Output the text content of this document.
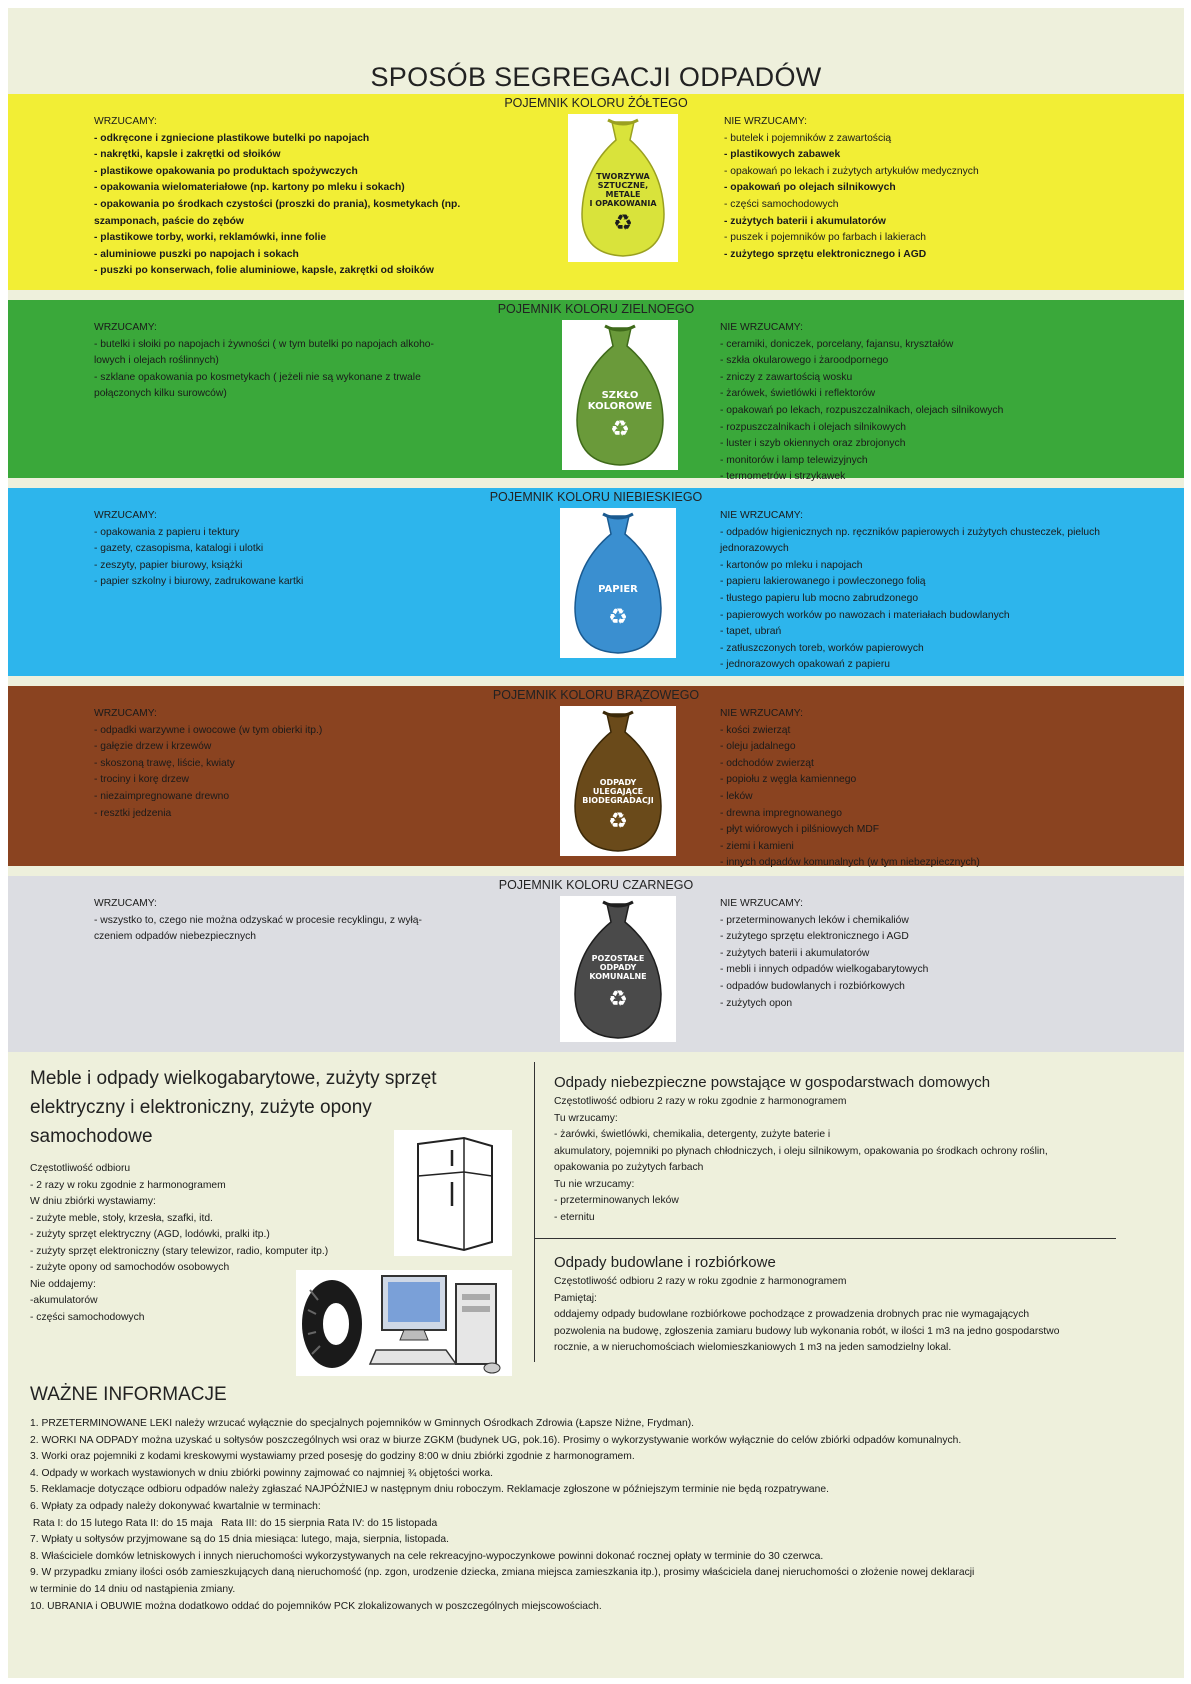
SPOSÓB SEGREGACJI ODPADÓW
POJEMNIK KOLORU ŻÓŁTEGO
WRZUCAMY:
- odkręcone i zgniecione plastikowe butelki po napojach
- nakrętki, kapsle i zakrętki od słoików
- plastikowe opakowania po produktach spożywczych
- opakowania wielomateriałowe (np. kartony po mleku i sokach)
- opakowania po środkach czystości (proszki do prania), kosmetykach (np.
szamponach, paście do zębów
- plastikowe torby, worki, reklamówki, inne folie
- aluminiowe puszki po napojach i sokach
- puszki po konserwach, folie aluminiowe, kapsle, zakrętki od słoików
TWORZYWA
SZTUCZNE,
METALE
I OPAKOWANIA
♻
NIE WRZUCAMY:
- butelek i pojemników z zawartością
- plastikowych zabawek
- opakowań po lekach i zużytych artykułów medycznych
- opakowań po olejach silnikowych
- części samochodowych
- zużytych baterii i akumulatorów
- puszek i pojemników po farbach i lakierach
- zużytego sprzętu elektronicznego i AGD
POJEMNIK KOLORU ZIELNOEGO
WRZUCAMY:
- butelki i słoiki po napojach i żywności ( w tym butelki po napojach alkoho-
lowych i olejach roślinnych)
- szklane opakowania po kosmetykach ( jeżeli nie są wykonane z trwale
połączonych kilku surowców)	SZKŁO
KOLOROWE
♻
NIE WRZUCAMY:
- ceramiki, doniczek, porcelany, fajansu, kryształów
- szkła okularowego i żaroodpornego
- zniczy z zawartością wosku
- żarówek, świetlówki i reflektorów
- opakowań po lekach, rozpuszczalnikach, olejach silnikowych
- rozpuszczalnikach i olejach silnikowych
- luster i szyb okiennych oraz zbrojonych
- monitorów i lamp telewizyjnych
- termometrów i strzykawek
POJEMNIK KOLORU NIEBIESKIEGO
WRZUCAMY:
- opakowania z papieru i tektury
- gazety, czasopisma, katalogi i ulotki
- zeszyty, papier biurowy, książki
- papier szkolny i biurowy, zadrukowane kartki
PAPIER
♻
NIE WRZUCAMY:
- odpadów higienicznych np. ręczników papierowych i zużytych chusteczek, pieluch
jednorazowych
- kartonów po mleku i napojach
- papieru lakierowanego i powleczonego folią
- tłustego papieru lub mocno zabrudzonego
- papierowych worków po nawozach i materiałach budowlanych
- tapet, ubrań
- zatłuszczonych toreb, worków papierowych
- jednorazowych opakowań z papieru
POJEMNIK KOLORU BRĄZOWEGO
WRZUCAMY:
- odpadki warzywne i owocowe (w tym obierki itp.)
- gałęzie drzew i krzewów
- skoszoną trawę, liście, kwiaty
- trociny i korę drzew
- niezaimpregnowane drewno
- resztki jedzenia
ODPADY
ULEGAJĄCE
BIODEGRADACJI
♻
NIE WRZUCAMY:
- kości zwierząt
- oleju jadalnego
- odchodów zwierząt
- popiołu z węgla kamiennego
- leków
- drewna impregnowanego
- płyt wiórowych i pilśniowych MDF
- ziemi i kamieni
- innych odpadów komunalnych (w tym niebezpiecznych)
POJEMNIK KOLORU CZARNEGO
WRZUCAMY:
- wszystko to, czego nie można odzyskać w procesie recyklingu, z wyłą-
czeniem odpadów niebezpiecznych
POZOSTAŁE
ODPADY
KOMUNALNE
♻
NIE WRZUCAMY:
- przeterminowanych leków i chemikaliów
- zużytego sprzętu elektronicznego i AGD
- zużytych baterii i akumulatorów
- mebli i innych odpadów wielkogabarytowych
- odpadów budowlanych i rozbiórkowych
- zużytych opon
Meble i odpady wielkogabarytowe, zużyty sprzęt elektryczny i elektroniczny, zużyte opony samochodowe
Częstotliwość odbioru
- 2 razy w roku zgodnie z harmonogramem
W dniu zbiórki wystawiamy:
- zużyte meble, stoły, krzesła, szafki, itd.
- zużyty sprzęt elektryczny (AGD, lodówki, pralki itp.)
- zużyty sprzęt elektroniczny (stary telewizor, radio, komputer itp.)
- zużyte opony od samochodów osobowych
Nie oddajemy:
-akumulatorów
- części samochodowych
Odpady niebezpieczne powstające w gospodarstwach domowych
Częstotliwość odbioru 2 razy w roku zgodnie z harmonogramem
Tu wrzucamy:
- żarówki, świetlówki, chemikalia, detergenty, zużyte baterie i
akumulatory, pojemniki po płynach chłodniczych, i oleju silnikowym, opakowania po środkach ochrony roślin,
opakowania po zużytych farbach
Tu nie wrzucamy:
- przeterminowanych leków
- eternitu
Odpady budowlane i rozbiórkowe
Częstotliwość odbioru 2 razy w roku zgodnie z harmonogramem
Pamiętaj:
oddajemy odpady budowlane rozbiórkowe pochodzące z prowadzenia drobnych prac nie wymagających
pozwolenia na budowę, zgłoszenia zamiaru budowy lub wykonania robót, w ilości 1 m3 na jedno gospodarstwo
rocznie, a w nieruchomościach wielomieszkaniowych 1 m3 na jeden samodzielny lokal.
WAŻNE INFORMACJE
1. PRZETERMINOWANE LEKI należy wrzucać wyłącznie do specjalnych pojemników w Gminnych Ośrodkach Zdrowia (Łapsze Niżne, Frydman).
2. WORKI NA ODPADY można uzyskać u sołtysów poszczególnych wsi oraz w biurze ZGKM (budynek UG, pok.16). Prosimy o wykorzystywanie worków wyłącznie do celów zbiórki odpadów komunalnych.
3. Worki oraz pojemniki z kodami kreskowymi wystawiamy przed posesję do godziny 8:00 w dniu zbiórki zgodnie z harmonogramem.
4. Odpady w workach wystawionych w dniu zbiórki powinny zajmować co najmniej ¾ objętości worka.
5. Reklamacje dotyczące odbioru odpadów należy zgłaszać NAJPÓŹNIEJ w następnym dniu roboczym. Reklamacje zgłoszone w późniejszym terminie nie będą rozpatrywane.
6. Wpłaty za odpady należy dokonywać kwartalnie w terminach:
Rata I: do 15 lutego Rata II: do 15 maja   Rata III: do 15 sierpnia Rata IV: do 15 listopada
7. Wpłaty u sołtysów przyjmowane są do 15 dnia miesiąca: lutego, maja, sierpnia, listopada.
8. Właściciele domków letniskowych i innych nieruchomości wykorzystywanych na cele rekreacyjno-wypoczynkowe powinni dokonać rocznej opłaty w terminie do 30 czerwca.
9. W przypadku zmiany ilości osób zamieszkujących daną nieruchomość (np. zgon, urodzenie dziecka, zmiana miejsca zamieszkania itp.), prosimy właściciela danej nieruchomości o złożenie nowej deklaracji
w terminie do 14 dniu od nastąpienia zmiany.
10. UBRANIA i OBUWIE można dodatkowo oddać do pojemników PCK zlokalizowanych w poszczególnych miejscowościach.
